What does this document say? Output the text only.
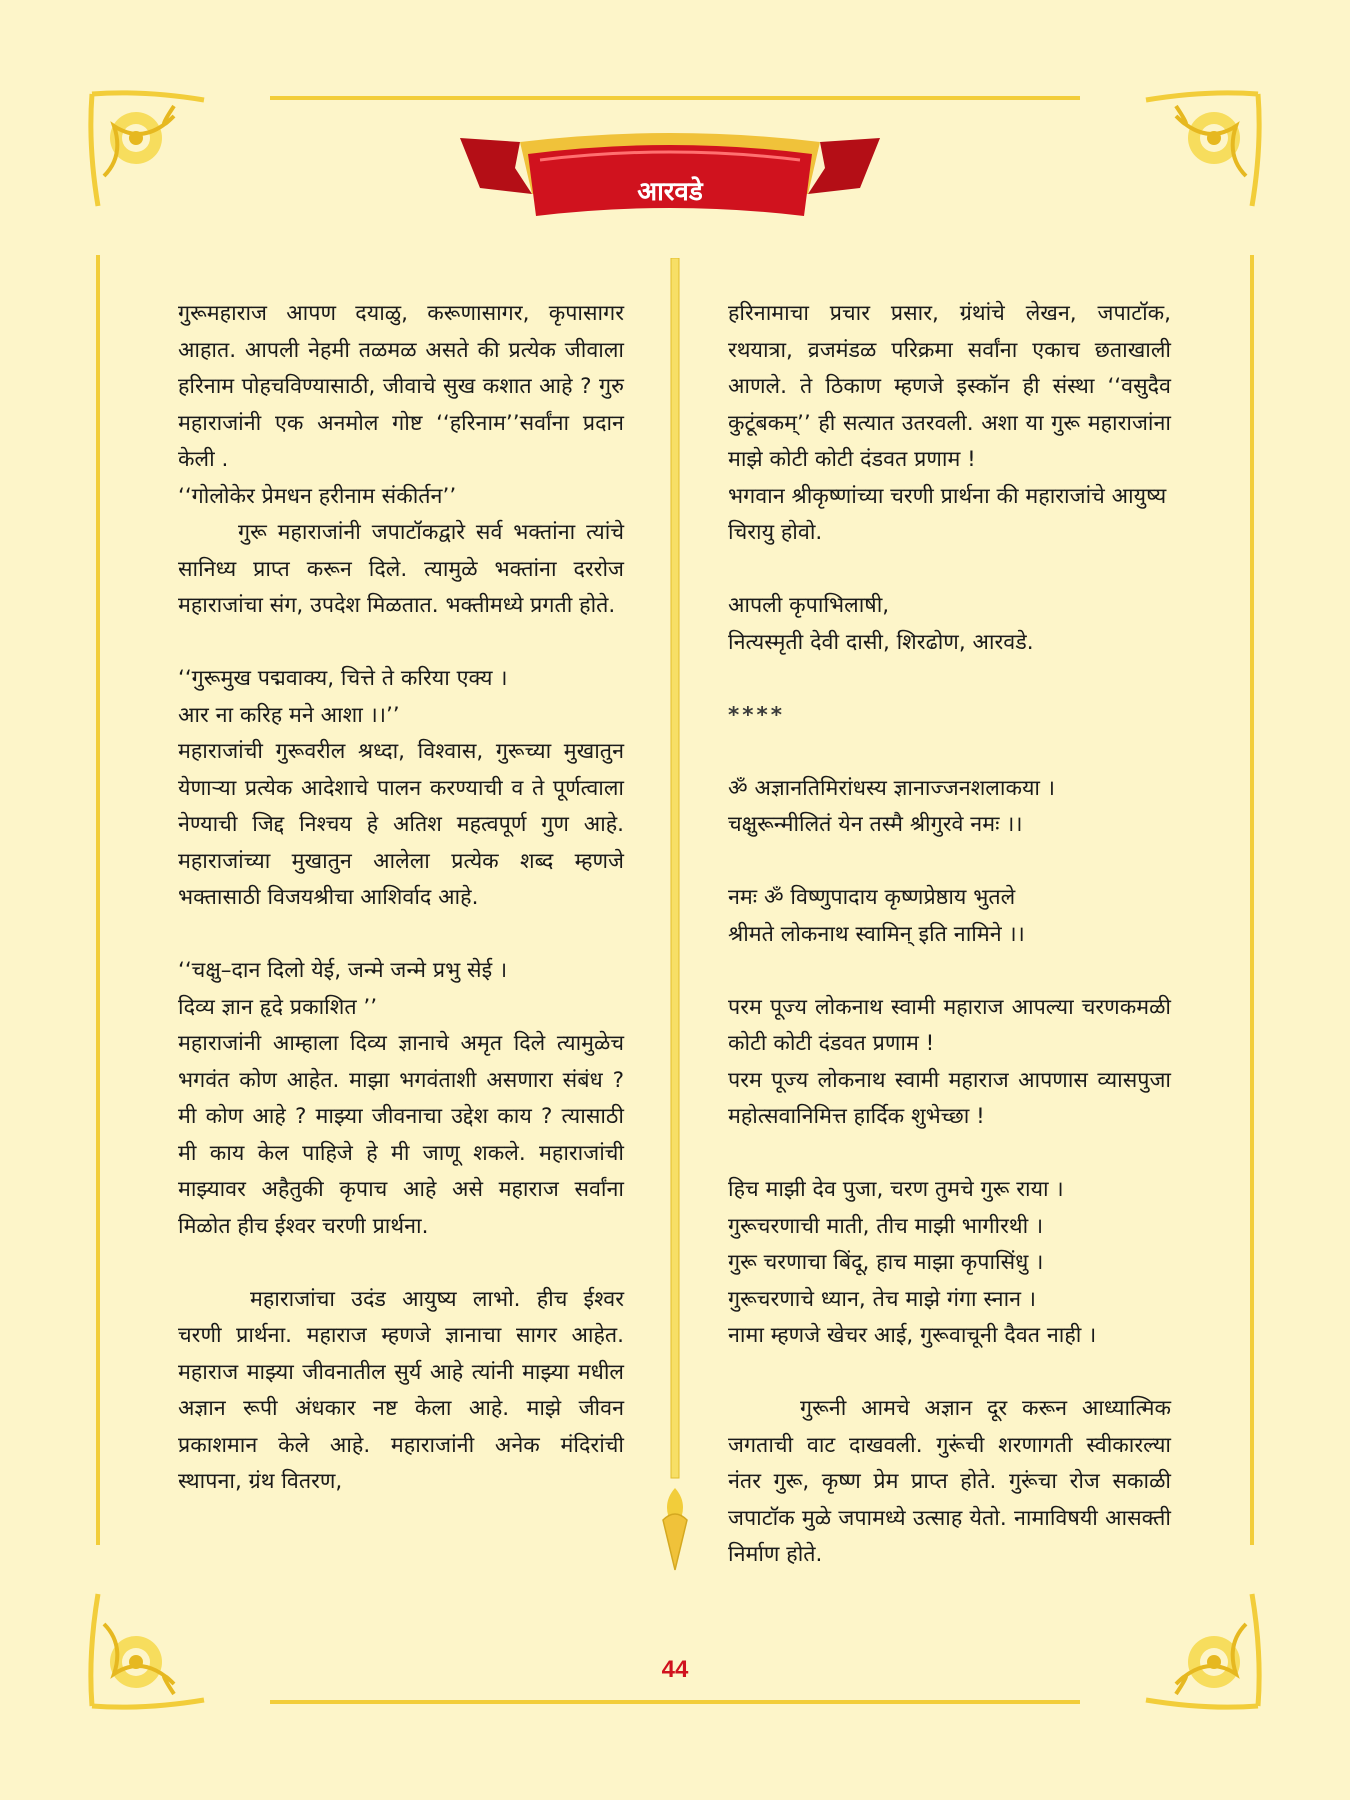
आरवडे
गुरूमहाराज आपण दयाळु, करूणासागर, कृपासागर आहात. आपली नेहमी तळमळ असते की प्रत्येक जीवाला हरिनाम पोहचविण्यासाठी, जीवाचे सुख कशात आहे ? गुरु महाराजांनी एक अनमोल गोष्ट ‘‘हरिनाम’’सर्वांना प्रदान केली .
‘‘गोलोकेर प्रेमधन हरीनाम संकीर्तन’’
गुरू महाराजांनी जपाटॉकद्वारे सर्व भक्तांना त्यांचे सानिध्य प्राप्त करून दिले. त्यामुळे भक्तांना दररोज महाराजांचा संग, उपदेश मिळतात. भक्तीमध्ये प्रगती होते.
‘‘गुरूमुख पद्मवाक्य, चित्ते ते करिया एक्य ।
आर ना करिह मने आशा ।।’’
महाराजांची गुरूवरील श्रध्दा, विश्वास, गुरूच्या मुखातुन येणाऱ्या प्रत्येक आदेशाचे पालन करण्याची व ते पूर्णत्वाला नेण्याची जिद्द निश्चय हे अतिश महत्वपूर्ण गुण आहे. महाराजांच्या मुखातुन आलेला प्रत्येक शब्द म्हणजे भक्तासाठी विजयश्रीचा आशिर्वाद आहे.
‘‘चक्षु–दान दिलो येई, जन्मे जन्मे प्रभु सेई ।
दिव्य ज्ञान हृदे प्रकाशित ’’
महाराजांनी आम्हाला दिव्य ज्ञानाचे अमृत दिले त्यामुळेच भगवंत कोण आहेत. माझा भगवंताशी असणारा संबंध ? मी कोण आहे ? माझ्या जीवनाचा उद्देश काय ? त्यासाठी मी काय केल पाहिजे हे मी जाणू शकले. महाराजांची माझ्यावर अहैतुकी कृपाच आहे असे महाराज सर्वांना मिळोत हीच ईश्वर चरणी प्रार्थना.
महाराजांचा उदंड आयुष्य लाभो. हीच ईश्वर चरणी प्रार्थना. महाराज म्हणजे ज्ञानाचा सागर आहेत. महाराज माझ्या जीवनातील सुर्य आहे त्यांनी माझ्या मधील अज्ञान रूपी अंधकार नष्ट केला आहे. माझे जीवन प्रकाशमान केले आहे. महाराजांनी अनेक मंदिरांची स्थापना, ग्रंथ वितरण,
हरिनामाचा प्रचार प्रसार, ग्रंथांचे लेखन, जपाटॉक, रथयात्रा, व्रजमंडळ परिक्रमा सर्वांना एकाच छताखाली आणले. ते ठिकाण म्हणजे इस्कॉन ही संस्था ‘‘वसुदैव कुटूंबकम्’’ ही सत्यात उतरवली. अशा या गुरू महाराजांना माझे कोटी कोटी दंडवत प्रणाम !
भगवान श्रीकृष्णांच्या चरणी प्रार्थना की महाराजांचे आयुष्य चिरायु होवो.
आपली कृपाभिलाषी,
नित्यस्मृती देवी दासी, शिरढोण, आरवडे.
****
ॐ अज्ञानतिमिरांधस्य ज्ञानाज्जनशलाकया ।
चक्षुरून्मीलितं येन तस्मै श्रीगुरवे नमः ।।
नमः ॐ विष्णुपादाय कृष्णप्रेष्ठाय भुतले
श्रीमते लोकनाथ स्वामिन् इति नामिने ।।
परम पूज्य लोकनाथ स्वामी महाराज आपल्या चरणकमळी कोटी कोटी दंडवत प्रणाम !
परम पूज्य लोकनाथ स्वामी महाराज आपणास व्यासपुजा महोत्सवानिमित्त हार्दिक शुभेच्छा !
हिच माझी देव पुजा, चरण तुमचे गुरू राया ।
गुरूचरणाची माती, तीच माझी भागीरथी ।
गुरू चरणाचा बिंदू, हाच माझा कृपासिंधु ।
गुरूचरणाचे ध्यान, तेच माझे गंगा स्नान ।
नामा म्हणजे खेचर आई, गुरूवाचूनी दैवत नाही ।
गुरूनी आमचे अज्ञान दूर करून आध्यात्मिक जगताची वाट दाखवली. गुरूंची शरणागती स्वीकारल्या नंतर गुरू, कृष्ण प्रेम प्राप्त होते. गुरूंचा रोज सकाळी जपाटॉक मुळे जपामध्ये उत्साह येतो. नामाविषयी आसक्ती निर्माण होते.
44
